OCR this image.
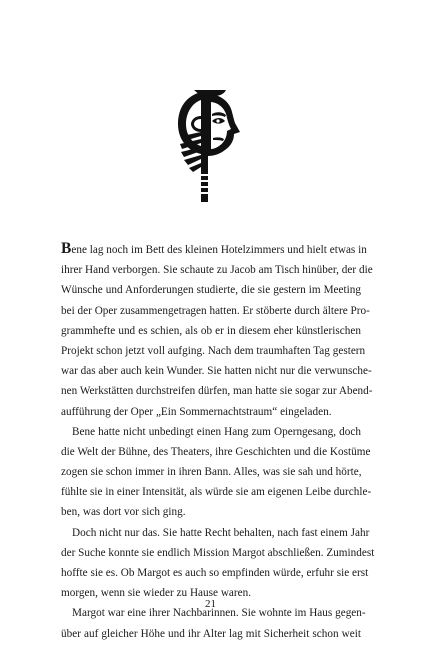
Bene lag noch im Bett des kleinen Hotelzimmers und hielt etwas in
ihrer Hand verborgen. Sie schaute zu Jacob am Tisch hinüber, der die
Wünsche und Anforderungen studierte, die sie gestern im Meeting
bei der Oper zusammengetragen hatten. Er stöberte durch ältere Pro-
grammhefte und es schien, als ob er in diesem eher künstlerischen
Projekt schon jetzt voll aufging. Nach dem traumhaften Tag gestern
war das aber auch kein Wunder. Sie hatten nicht nur die verwunsche-
nen Werkstätten durchstreifen dürfen, man hatte sie sogar zur Abend-
aufführung der Oper „Ein Sommernachtstraum“ eingeladen.
Bene hatte nicht unbedingt einen Hang zum Operngesang, doch
die Welt der Bühne, des Theaters, ihre Geschichten und die Kostüme
zogen sie schon immer in ihren Bann. Alles, was sie sah und hörte,
fühlte sie in einer Intensität, als würde sie am eigenen Leibe durchle-
ben, was dort vor sich ging.
Doch nicht nur das. Sie hatte Recht behalten, nach fast einem Jahr
der Suche konnte sie endlich Mission Margot abschließen. Zumindest
hoffte sie es. Ob Margot es auch so empfinden würde, erfuhr sie erst
morgen, wenn sie wieder zu Hause waren.
Margot war eine ihrer Nachbarinnen. Sie wohnte im Haus gegen-
über auf gleicher Höhe und ihr Alter lag mit Sicherheit schon weit
21
